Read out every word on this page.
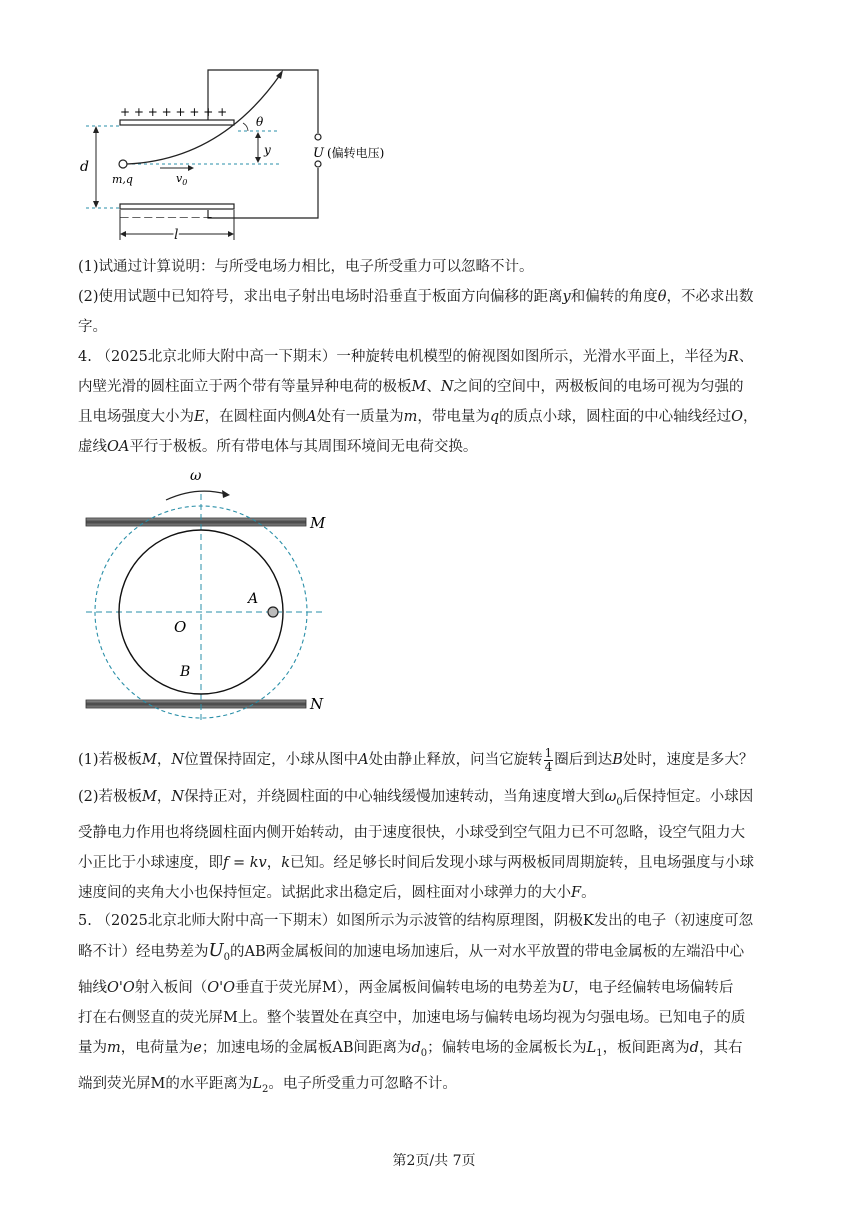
+ + + + + + + +
— — — — — — — —
d
m,q	$v_0$
θ
y	U (偏转电压)
l

(1)试通过计算说明：与所受电场力相比，电子所受重力可以忽略不计。

(2)使用试题中已知符号，求出电子射出电场时沿垂直于板面方向偏移的距离y和偏转的角度θ，不必求出数

字。

4. （2025北京北师大附中高一下期末）一种旋转电机模型的俯视图如图所示，光滑水平面上，半径为R、

内壁光滑的圆柱面立于两个带有等量异种电荷的极板M、N之间的空间中，两极板间的电场可视为匀强的

且电场强度大小为E，在圆柱面内侧A处有一质量为m，带电量为q的质点小球，圆柱面的中心轴线经过O，

虚线OA平行于极板。所有带电体与其周围环境间无电荷交换。

ω
M
N
A
O
B

(1)若极板M，N位置保持固定，小球从图中A处由静止释放，问当它旋转 $\frac{1}{4}$ 圈后到达B处时，速度是多大？

(2)若极板M，N保持正对，并绕圆柱面的中心轴线缓慢加速转动，当角速度增大到$\omega_0$后保持恒定。小球因

受静电力作用也将绕圆柱面内侧开始转动，由于速度很快，小球受到空气阻力已不可忽略，设空气阻力大

小正比于小球速度，即f = kv，k已知。经足够长时间后发现小球与两极板同周期旋转，且电场强度与小球

速度间的夹角大小也保持恒定。试据此求出稳定后，圆柱面对小球弹力的大小F。

5. （2025北京北师大附中高一下期末）如图所示为示波管的结构原理图，阴极K发出的电子（初速度可忽

略不计）经电势差为$U_0$的AB两金属板间的加速电场加速后，从一对水平放置的带电金属板的左端沿中心

轴线O'O射入板间（O'O垂直于荧光屏M），两金属板间偏转电场的电势差为U，电子经偏转电场偏转后

打在右侧竖直的荧光屏M上。整个装置处在真空中，加速电场与偏转电场均视为匀强电场。已知电子的质

量为m，电荷量为e；加速电场的金属板AB间距离为$d_0$；偏转电场的金属板长为$L_1$，板间距离为d，其右

端到荧光屏M的水平距离为$L_2$。电子所受重力可忽略不计。

第2页/共 7页
